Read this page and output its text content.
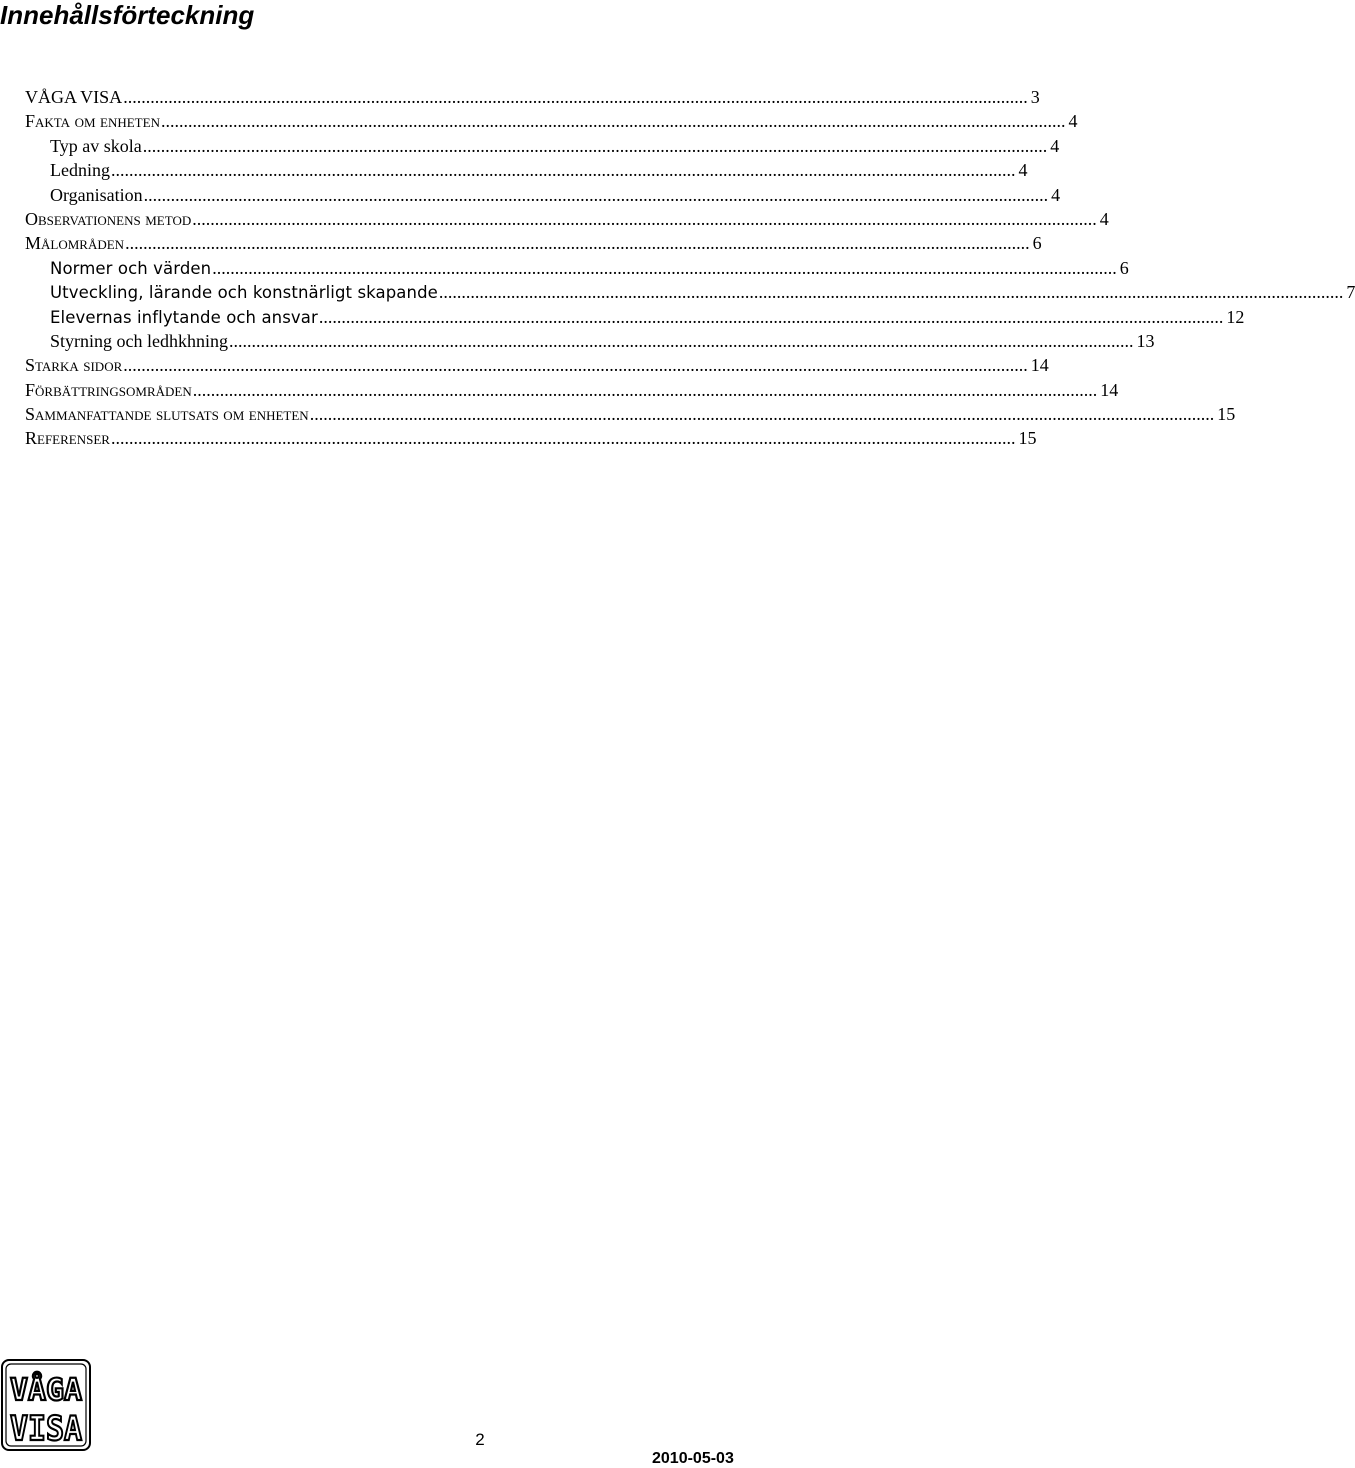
Innehållsförteckning
VÅGA VISA ......................................................................................................................................................................................................... 3
Fakta om enheten ......................................................................................................................................................................................................... 4
Typ av skola ......................................................................................................................................................................................................... 4
Ledning ......................................................................................................................................................................................................... 4
Organisation ......................................................................................................................................................................................................... 4
Observationens metod ......................................................................................................................................................................................................... 4
Målområden ......................................................................................................................................................................................................... 6
Normer och värden ......................................................................................................................................................................................................... 6
Utveckling, lärande och konstnärligt skapande ......................................................................................................................................................................................................... 7
Elevernas inflytande och ansvar ......................................................................................................................................................................................................... 12
Styrning och ledhkhning ......................................................................................................................................................................................................... 13
Starka sidor ......................................................................................................................................................................................................... 14
Förbättringsområden ......................................................................................................................................................................................................... 14
Sammanfattande slutsats om enheten ......................................................................................................................................................................................................... 15
Referenser ......................................................................................................................................................................................................... 15
VÅGA
VISA	2
2010-05-03
